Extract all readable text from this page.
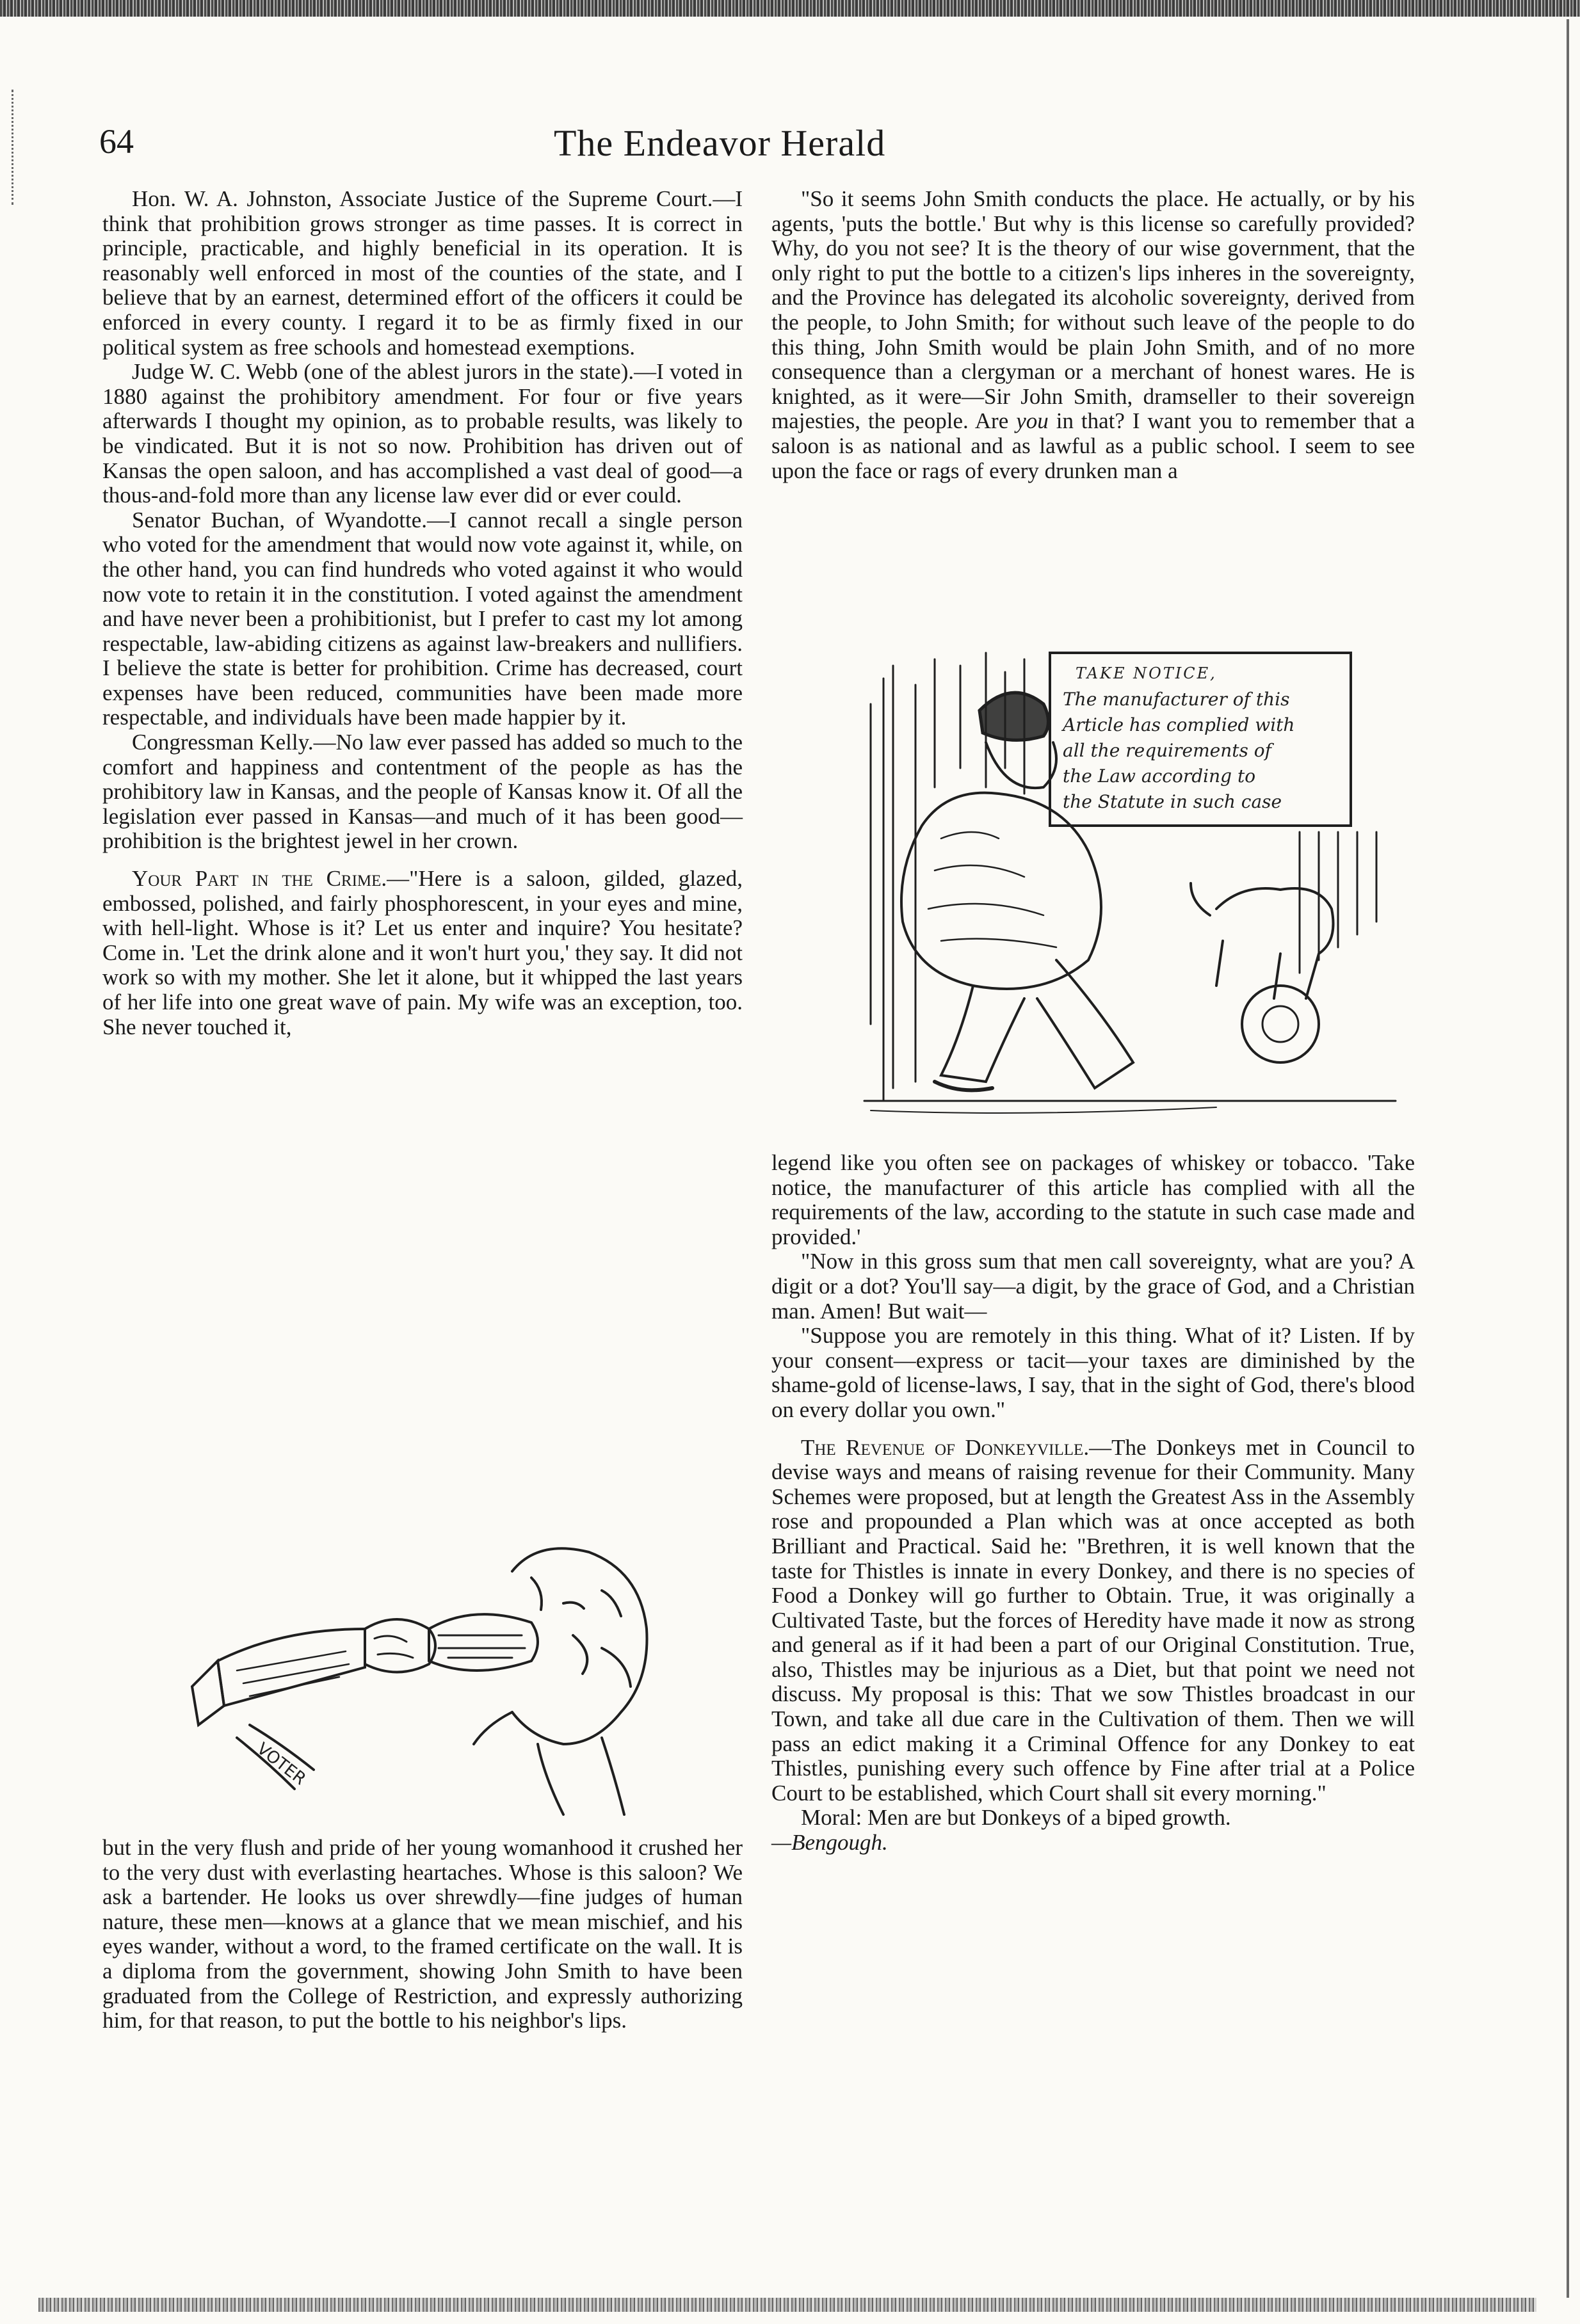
64	The Endeavor Herald

Hon. W. A. Johnston, Associate Justice of the Supreme Court.—I think that prohibition grows stronger as time passes. It is correct in principle, practicable, and highly beneficial in its operation. It is reasonably well enforced in most of the counties of the state, and I believe that by an earnest, determined effort of the officers it could be enforced in every county. I regard it to be as firmly fixed in our political system as free schools and homestead exemptions.

Judge W. C. Webb (one of the ablest jurors in the state).—I voted in 1880 against the prohibitory amendment. For four or five years afterwards I thought my opinion, as to probable results, was likely to be vindicated. But it is not so now. Prohibition has driven out of Kansas the open saloon, and has accomplished a vast deal of good—a thous-and-fold more than any license law ever did or ever could.

Senator Buchan, of Wyandotte.—I cannot recall a single person who voted for the amendment that would now vote against it, while, on the other hand, you can find hundreds who voted against it who would now vote to retain it in the constitution. I voted against the amendment and have never been a prohibitionist, but I prefer to cast my lot among respectable, law-abiding citizens as against law-breakers and nullifiers. I believe the state is better for prohibition. Crime has decreased, court expenses have been reduced, communities have been made more respectable, and individuals have been made happier by it.

Congressman Kelly.—No law ever passed has added so much to the comfort and happiness and contentment of the people as has the prohibitory law in Kansas, and the people of Kansas know it. Of all the legislation ever passed in Kansas—and much of it has been good—prohibition is the brightest jewel in her crown.

Your Part in the Crime.—"Here is a saloon, gilded, glazed, embossed, polished, and fairly phosphorescent, in your eyes and mine, with hell-light. Whose is it? Let us enter and inquire? You hesitate? Come in. 'Let the drink alone and it won't hurt you,' they say. It did not work so with my mother. She let it alone, but it whipped the last years of her life into one great wave of pain. My wife was an exception, too. She never touched it,

VOTER

but in the very flush and pride of her young womanhood it crushed her to the very dust with everlasting heartaches. Whose is this saloon? We ask a bartender. He looks us over shrewdly—fine judges of human nature, these men—knows at a glance that we mean mischief, and his eyes wander, without a word, to the framed certificate on the wall. It is a diploma from the government, showing John Smith to have been graduated from the College of Restriction, and expressly authorizing him, for that reason, to put the bottle to his neighbor's lips.

"So it seems John Smith conducts the place. He actually, or by his agents, 'puts the bottle.' But why is this license so carefully provided? Why, do you not see? It is the theory of our wise government, that the only right to put the bottle to a citizen's lips inheres in the sovereignty, and the Province has delegated its alcoholic sovereignty, derived from the people, to John Smith; for without such leave of the people to do this thing, John Smith would be plain John Smith, and of no more consequence than a clergyman or a merchant of honest wares. He is knighted, as it were—Sir John Smith, dramseller to their sovereign majesties, the people. Are you in that? I want you to remember that a saloon is as national and as lawful as a public school. I seem to see upon the face or rags of every drunken man a

TAKE NOTICE,
The manufacturer of this
Article has complied with
all the requirements of
the Law according to
the Statute in such case

legend like you often see on packages of whiskey or tobacco. 'Take notice, the manufacturer of this article has complied with all the requirements of the law, according to the statute in such case made and provided.'

"Now in this gross sum that men call sovereignty, what are you? A digit or a dot? You'll say—a digit, by the grace of God, and a Christian man. Amen! But wait—

"Suppose you are remotely in this thing. What of it? Listen. If by your consent—express or tacit—your taxes are diminished by the shame-gold of license-laws, I say, that in the sight of God, there's blood on every dollar you own."

The Revenue of Donkeyville.—The Donkeys met in Council to devise ways and means of raising revenue for their Community. Many Schemes were proposed, but at length the Greatest Ass in the Assembly rose and propounded a Plan which was at once accepted as both Brilliant and Practical. Said he: "Brethren, it is well known that the taste for Thistles is innate in every Donkey, and there is no species of Food a Donkey will go further to Obtain. True, it was originally a Cultivated Taste, but the forces of Heredity have made it now as strong and general as if it had been a part of our Original Constitution. True, also, Thistles may be injurious as a Diet, but that point we need not discuss. My proposal is this: That we sow Thistles broadcast in our Town, and take all due care in the Cultivation of them. Then we will pass an edict making it a Criminal Offence for any Donkey to eat Thistles, punishing every such offence by Fine after trial at a Police Court to be established, which Court shall sit every morning."

Moral: Men are but Donkeys of a biped growth.

—Bengough.
